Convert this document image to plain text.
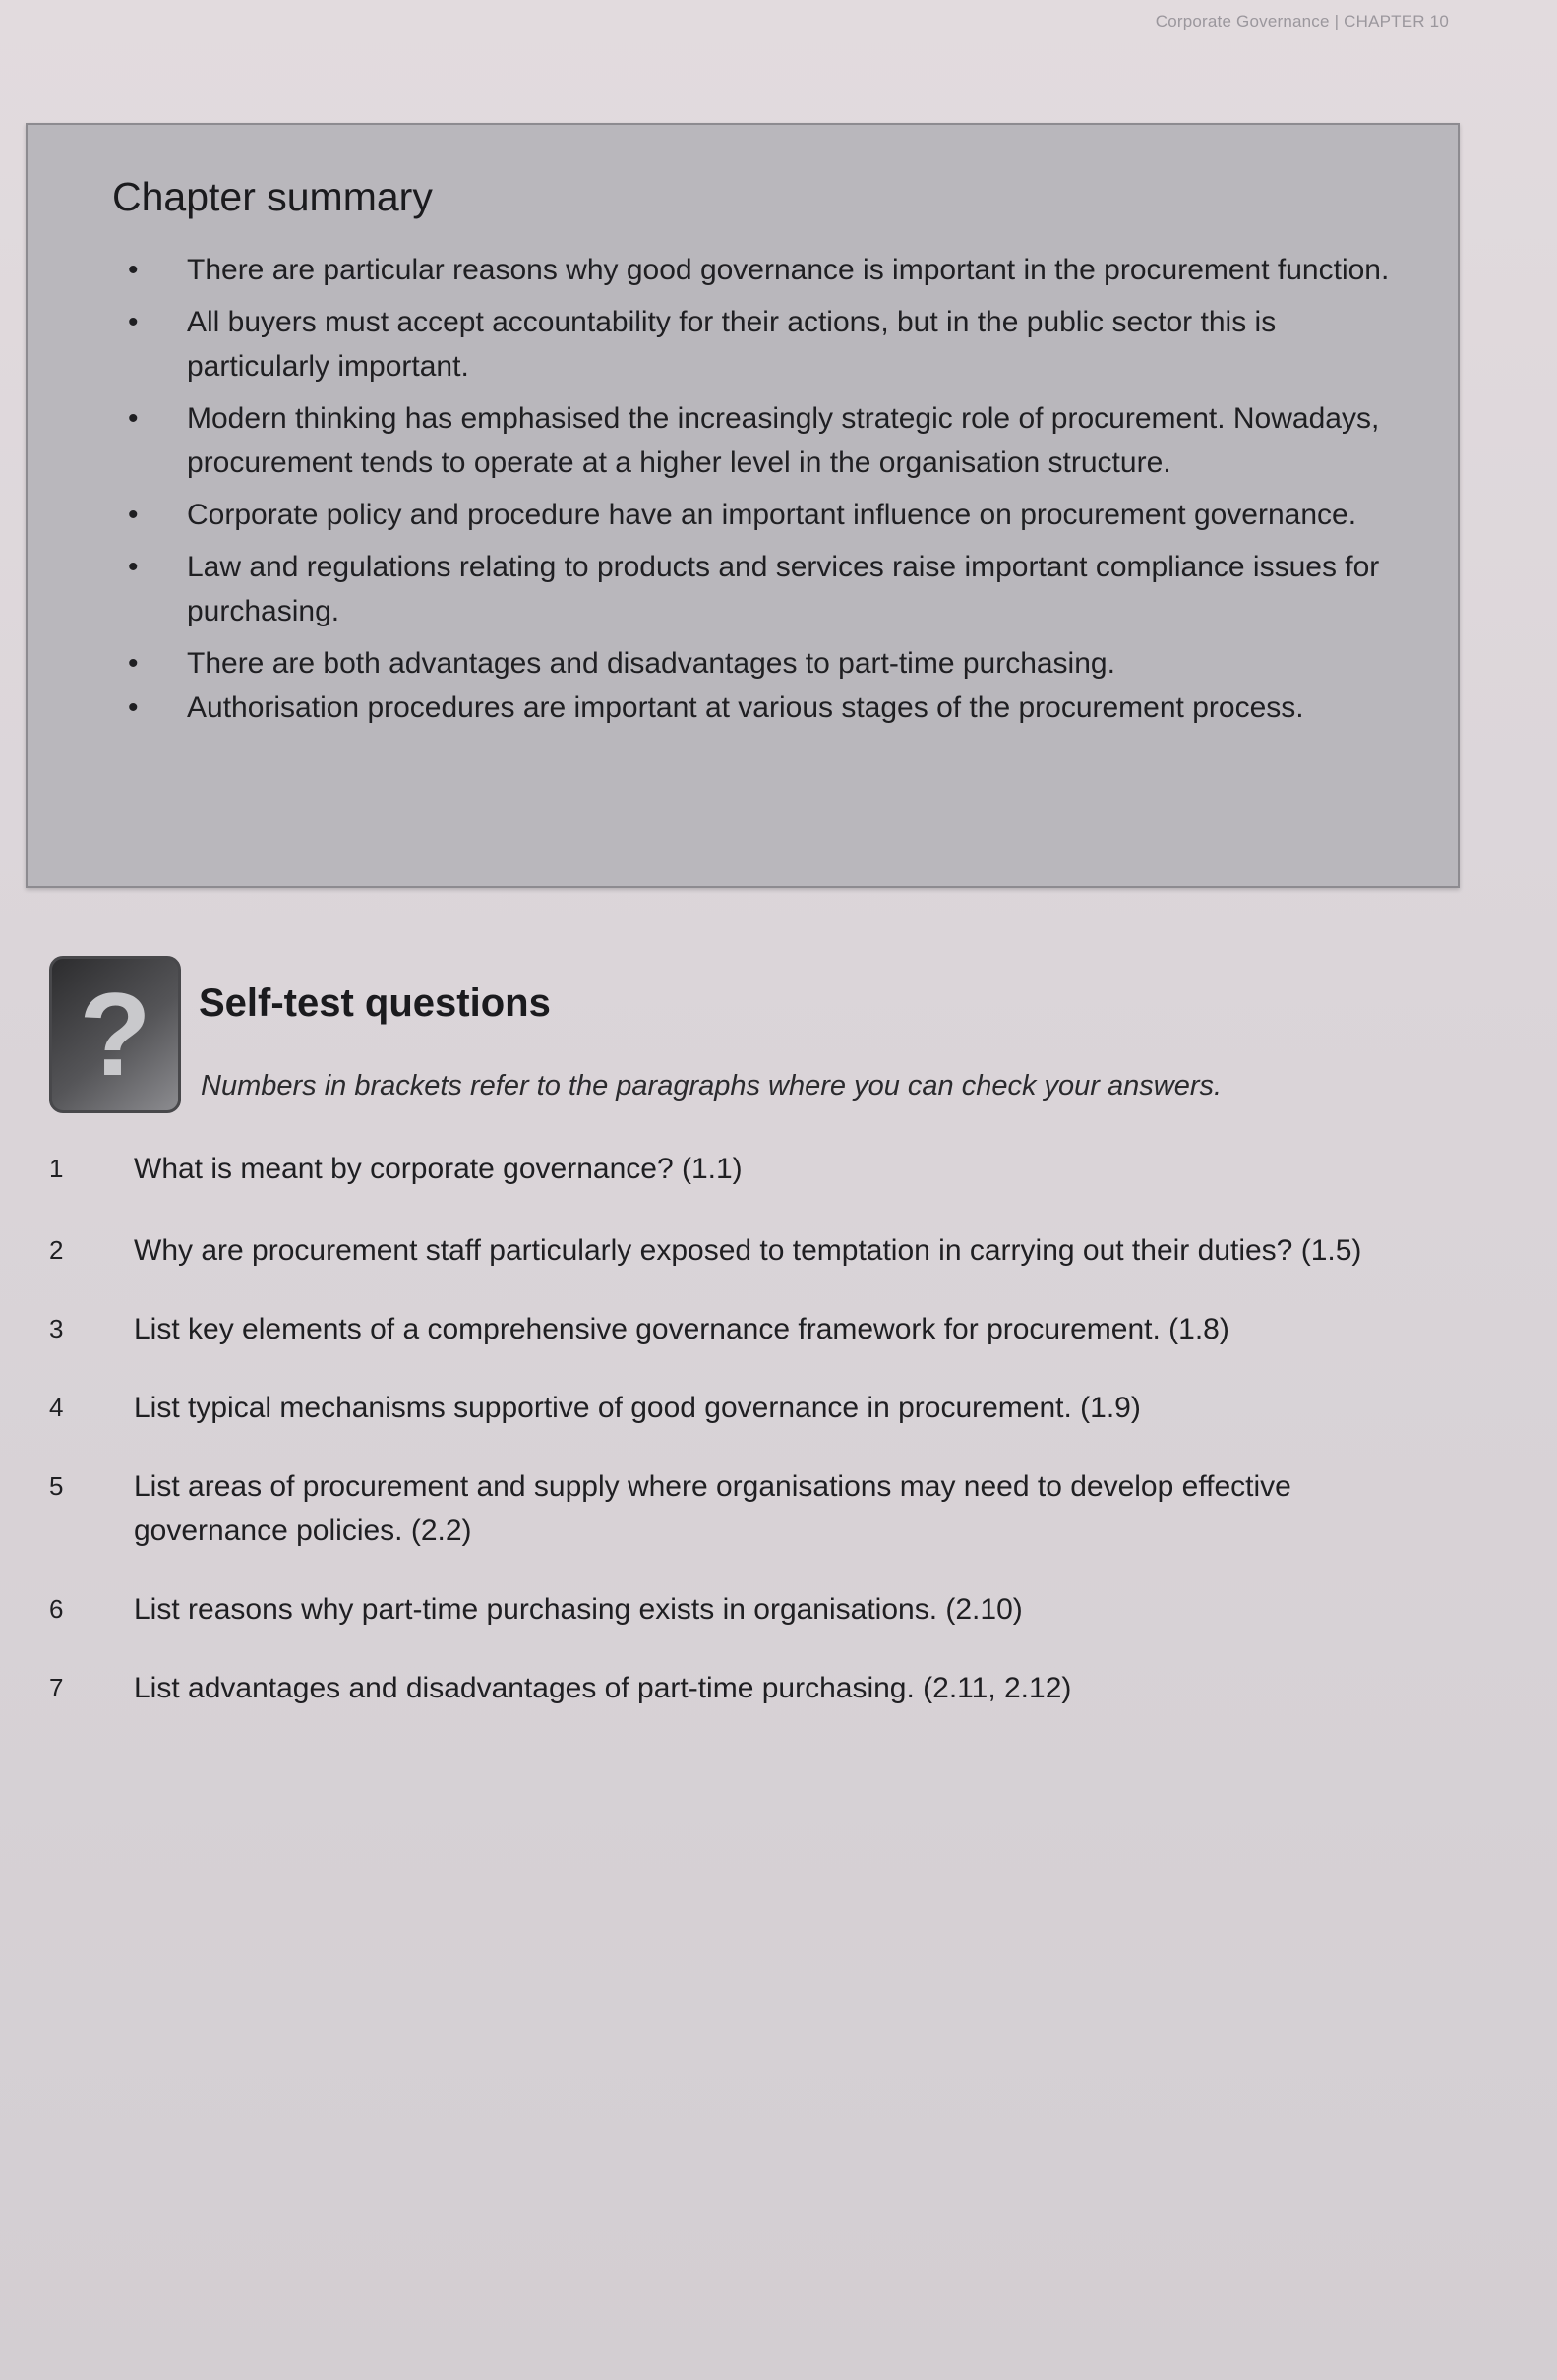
Corporate Governance | CHAPTER 10
Chapter summary
• There are particular reasons why good governance is important in the procurement function.
• All buyers must accept accountability for their actions, but in the public sector this is particularly important.
• Modern thinking has emphasised the increasingly strategic role of procurement. Nowadays, procurement tends to operate at a higher level in the organisation structure.
• Corporate policy and procedure have an important influence on procurement governance.
• Law and regulations relating to products and services raise important compliance issues for purchasing.
• There are both advantages and disadvantages to part-time purchasing.
• Authorisation procedures are important at various stages of the procurement process.
? Self-test questions

Numbers in brackets refer to the paragraphs where you can check your answers.

1 What is meant by corporate governance? (1.1)
2 Why are procurement staff particularly exposed to temptation in carrying out their duties? (1.5)
3 List key elements of a comprehensive governance framework for procurement. (1.8)
4 List typical mechanisms supportive of good governance in procurement. (1.9)
5 List areas of procurement and supply where organisations may need to develop effective governance policies. (2.2)
6 List reasons why part-time purchasing exists in organisations. (2.10)
7 List advantages and disadvantages of part-time purchasing. (2.11, 2.12)
